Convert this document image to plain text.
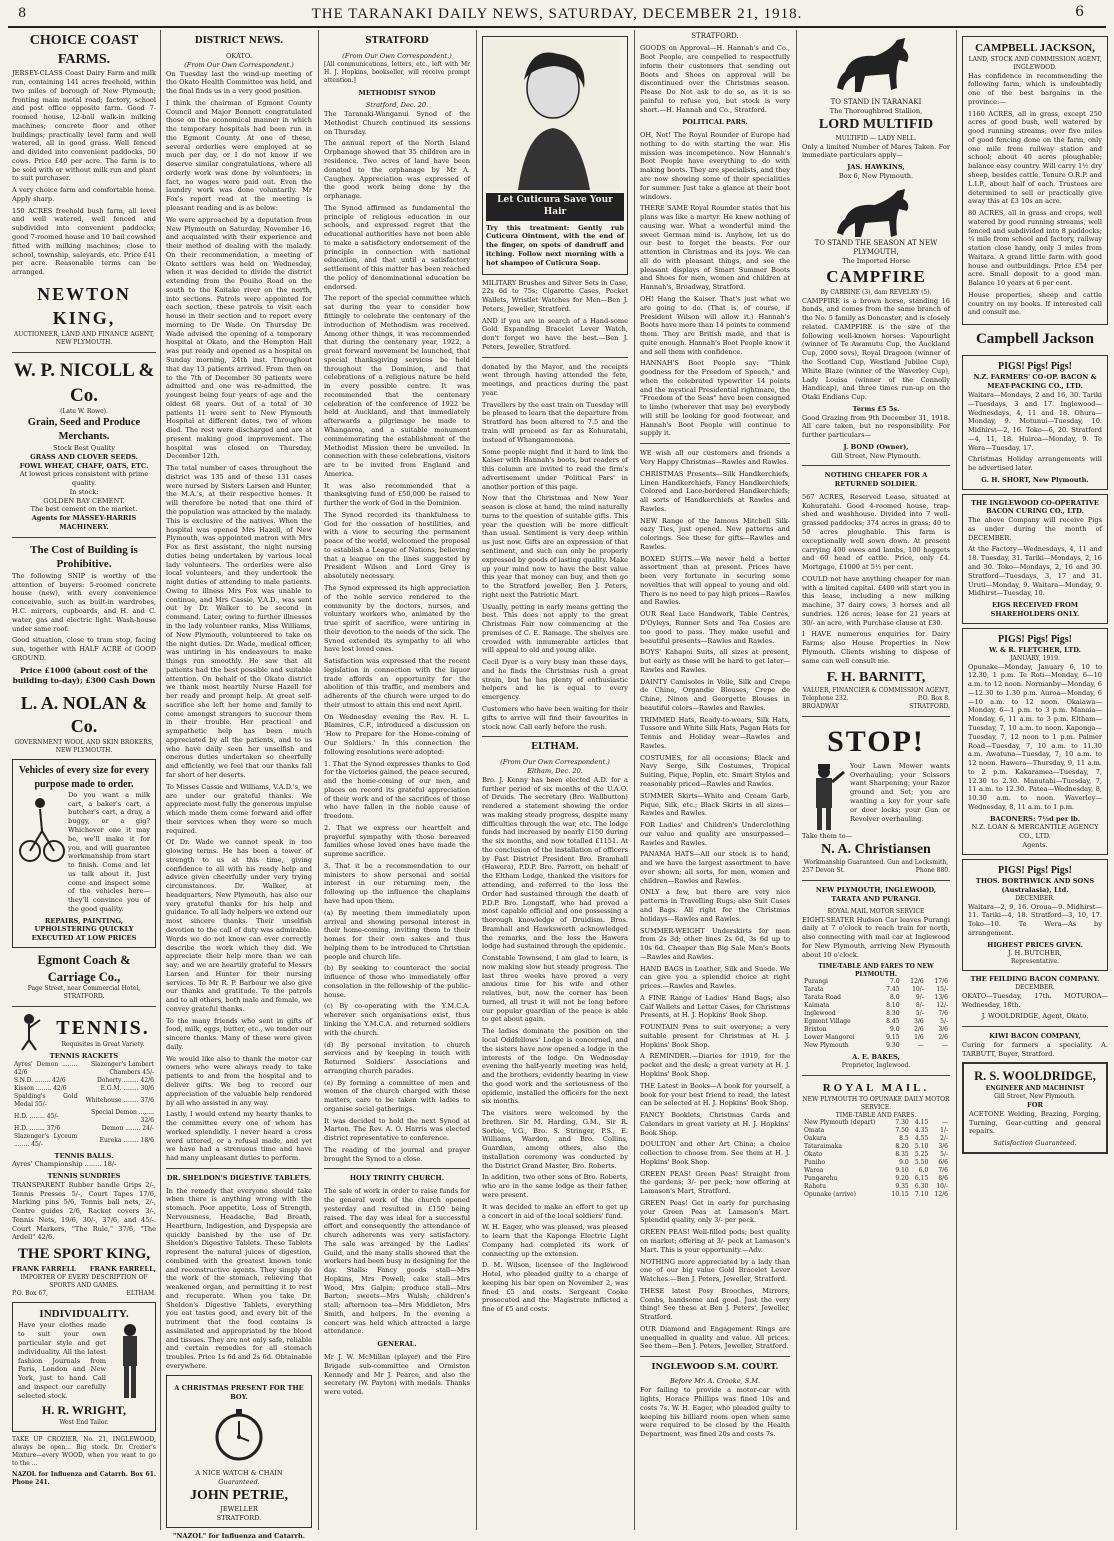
8	THE TARANAKI DAILY NEWS, SATURDAY, DECEMBER 21, 1918.	6
CHOICE COAST FARMS.

JERSEY-CLASS Coast Dairy Farm and milk run, containing 141 acres freehold, within two miles of borough of New Plymouth; fronting main metal road; factory, school and post office opposite farm. Good 7-roomed house, 12-bail walk-in milking machines; concrete floor and other buildings; practically level farm and well watered, all in good grass. Well fenced and divided into convenient paddocks, 50 cows. Price £40 per acre. The farm is to be sold with or without milk run and plant to suit purchaser.

A very choice farm and comfortable home. Apply sharp.

150 ACRES freehold bush farm, all level and well watered, well fenced and subdivided into convenient paddocks; good 7-roomed house and 10 bail cowshed fitted with milking machines; close to school, township, saleyards, etc. Price £41 per acre. Reasonable terms can be arranged.

NEWTON KING,
AUCTIONEER, LAND AND FINANCE AGENT,
NEW PLYMOUTH.
W. P. NICOLL & Co.
(Late W. Rowe).
Grain, Seed and Produce Merchants.
Stock Best Quality
GRASS AND CLOVER SEEDS.
FOWL WHEAT, CHAFF, OATS, ETC.
At lowest prices consistent with prime quality.
In stock:
GOLDEN BAY CEMENT.
The best cement on the market.
Agents for MASSEY-HARRIS MACHINERY.
The Cost of Building is Prohibitive.

The following SNIP is worthy of the attention of buyers: 5-roomed concrete house (new), with every convenience conceivable, such as built-in wardrobes, H.C. mirrors, cupboards, and H. and C. water, gas and electric light. Wash-house under same roof.

Good situation, close to tram stop, facing sun, together with HALF ACRE of GOOD GROUND.

Price £1000 (about cost of the building to-day); £300 Cash Down
L. A. NOLAN & Co.
GOVERNMENT WOOL AND SKIN BROKERS,
NEW PLYMOUTH.
Vehicles of every size for every
purpose made to order.

Do you want a milk cart, a baker's cart, a butcher's cart, a dray, a buggy, or a gig? Whichever one it may be, we'll make it for you, and will guarantee workmanship from start to finish. Come and let us talk about it. Just come and inspect some of the vehicles here—they'll convince you of the good quality.

REPAIRS, PAINTING, UPHOLSTERING QUICKLY EXECUTED AT LOW PRICES
Egmont Coach & Carriage Co.,
Page Street, near Commercial Hotel, STRATFORD.
TENNIS.
Requisites in Great Variety.
TENNIS RACKETS
Ayres' Demon ........ 42/6	Slazenger's Lambert Chambers 45/-
S.N.D. ........ 42/6	Doherty ........ 42/6
Kisson ........ 42/6	E.G.M. ........ 30/6
Spalding's Gold Medal 55/-	Whitehouse ........ 37/6
H.D. ........ 45/-	Special Demon ........ 32/6
H.D. ........ 37/6	Demon ........ 24/-
Slazenger's Lyceum ........ 45/-	Eureka ........ 18/6
TENNIS BALLS.
Ayres' Championship ........ 18/-
TENNIS SUNDRIES

TRANSPARENT Rubber handle Grips 2/-, Tennis Presses 5/-, Court Tapes 17/6, Marking pins 5/6, Tennis ball nets, 2/-, Centre guides 2/6, Racket covers 3/-, Tennis Nets, 19/6, 30/-, 37/6, and 45/-. Court Markers, "The Rule," 37/6, "The Ardell" 42/6.

THE SPORT KING,
FRANK FARRELL FRANK FARRELL,
IMPORTER OF EVERY DESCRIPTION OF SPORTS AND GAMES.
P.O. Box 67,	ELTHAM.
INDIVIDUALITY.

Have your clothes made to suit your own particular style and get individuality. All the latest fashion Journals from Paris, London and New York, just to hand. Call and inspect our carefully selected stock.

H. R. WRIGHT,
West End Tailor.

TAKE UP CROZIER, No. 21, INGLEWOOD, always be open... Big stock. Dr. Crozier's Mixture—every WOOD, when you want to go to the ...

NAZOL for Influenza and Catarrh. Box 61. Phone 241.

DISTRICT NEWS.
OKATO.
(From Our Own Correspondent.)

On Tuesday last the wind-up meeting of the Okato Health Committee was held, and the final finds us in a very good position.

I think the chairman of Egmont County Council and Major Bennett congratulated those on the economical manner in which the temporary hospitals had been run in the Egmont County. At one of these, several orderlies were employed at so much per day, or I do not know if we deserve similar congratulations, where all orderly work was done by volunteers; in fact, no wages were paid out. Even the laundry work was done voluntarily. Mr Fox's report read at the meeting is pleasant reading and is as below:

We were approached by a deputation from New Plymouth on Saturday, November 16, and acquainted with their experience and their method of dealing with the malady. On their recommendation, a meeting of Okato settlers was held on Wednesday, when it was decided to divide the district extending from the Pouiho Road on the south to the Kaitake river on the north, into sections. Patrols were appointed for each section, these patrols to visit each house in their section and to report every morning to Dr Wade. On Thursday Dr. Wade advised the opening of a temporary hospital at Okato, and the Hempton Hall was put ready and opened as a hospital on Sunday morning, 24th inst. Throughout that day 13 patients arrived. From then on to the 7th of December 30 patients were admitted and one was re-admitted, the youngest being four years of age and the oldest 68 years. Out of a total of 30 patients 11 were sent to New Plymouth Hospital at different dates, two of whom died. The rest were discharged and are at present making good improvement. The hospital was closed on Thursday, December 12th.

The total number of cases throughout the district was 135 and of these 131 cases were nursed by Sisters Larsen and Hunter, the M.A.'s, at their respective homes. It will therefore be noted that one third of the population was attacked by the malady. This is exclusive of the natives. When the hospital was opened Mrs Hazell, of New Plymouth, was appointed matron with Mrs Fox as first assistant, the night nursing duties being undertaken by various local lady volunteers. The orderlies were also local volunteers, and they undertook the night duties of attending to male patients. Owing to illness Mrs Fox was unable to continue, and Mrs Cassie, V.A.D., was sent out by Dr. Walker to be second in command. Later, owing to further illnesses in the lady volunteer ranks, Miss Williams, of New Plymouth, volunteered to take on the night duties. Dr. Wade, medical officer, was untiring in his endeavours to make things run smoothly. He saw that all patients had the best possible and suitable attention. On behalf of the Okato district we thank most heartily Nurse Hazell for her ready and prompt help. At great self-sacrifice she left her home and family to come amongst strangers to succour them in their trouble. Her practical and sympathetic help has been much appreciated by all the patients, and to us who have daily seen her unselfish and onerous duties undertaken so cheerfully and efficiently, we feel that our thanks fall far short of her deserts.

To Misses Cassie and Williams, V.A.D.'s, we are under our grateful thanks. We appreciate most fully the generous impulse which made them come forward and offer their services when they were so much required.

Of Dr. Wade we cannot speak in too glowing terms. He has been a tower of strength to us at this time, giving confidence to all with his ready help and advice given cheerfully under very trying circumstances. Dr. Walker, at headquarters, New Plymouth, has also our very grateful thanks for his help and guidance. To all lady helpers we extend our most sincere thanks. Their unselfish devotion to the call of duty was admirable. Words we do not know can ever correctly describe the work which they did. We appreciate their help more than we can say; and we are heartily grateful to Messrs Larsen and Hunter for their nursing services. To Mr R. P. Barbour we also give our thanks and gratitude. To the patrols and to all others, both male and female, we convey grateful thanks.

To the many friends who sent in gifts of food, milk, eggs, butter, etc., we tender our sincere thanks. Many of these were given daily.

We would like also to thank the motor car owners who were always ready to take patients to and from the hospital and to deliver gifts. We beg to record our appreciation of the valuable help rendered by all who assisted in any way.

Lastly, I would extend my hearty thanks to the committee every one of whom has worked splendidly. I never heard a cross word uttered, or a refusal made, and yet we have had a strenuous time and have had many unpleasant duties to perform.

DR. SHELDON'S DIGESTIVE TABLETS.

In the remedy that everyone should take when there is anything wrong with the stomach. Poor appetite, Loss of Strength, Nervousness, Headache, Bad Breath, Heartburn, Indigestion, and Dyspepsia are quickly banished by the use of Dr. Sheldon's Digestive Tablets. These Tablets represent the natural juices of digestion, combined with the greatest known tonic and reconstructive agents. They simply do the work of the stomach, relieving that weakened organ, and permitting it to rest and recuperate. When you take Dr. Sheldon's Digestive Tablets, everything you eat tastes good, and every bit of the nutriment that the food contains is assimilated and appropriated by the blood and tissues. They are not only safe, reliable and certain remedies for all stomach troubles. Price 1s 6d and 2s 6d. Obtainable everywhere.

A CHRISTMAS PRESENT FOR THE BOY.
A NICE WATCH & CHAIN
Guaranteed.
JOHN PETRIE,
JEWELLER
STRATFORD.
"NAZOL" for Influenza and Catarrh.
STRATFORD
(From Our Own Correspondent.)

[All communications, letters, etc., left with Mr H. J. Hopkins, bookseller, will receive prompt attention.]

METHODIST SYNOD
Stratford, Dec. 20.

The Taranaki-Wanganui Synod of the Methodist Church continued its sessions on Thursday.

The annual report of the North Island Orphanage showed that 35 children are in residence. Two acres of land have been donated to the orphanage by Mr A. Caughey. Appreciation was expressed of the good work being done by the orphanage.

The Synod affirmed as fundamental the principle of religious education in our schools, and expressed regret that the educational authorities have not been able to make a satisfactory endorsement of the principle in connection with national education, and that until a satisfactory settlement of this matter has been reached the policy of denominational education be endorsed.

The report of the special committee which sat during the year to consider how fittingly to celebrate the centenary of the introduction of Methodism was received. Among other things, it was recommended that during the centenary year, 1922, a great forward movement be launched, that special thanksgiving services be held throughout the Dominion, and that celebrations of a religious nature be held in every possible centre. It was recommended that the centenary celebration of the conference of 1922 be held at Auckland, and that immediately afterwards a pilgrimage be made to Whangaroa, and a suitable monument commemorating the establishment of the Methodist Mission there be unveiled. In connection with these celebrations, visitors are to be invited from England and America.

It was also recommended that a thanksgiving fund of £50,000 be raised to further the work of God in the Dominion.

The Synod recorded its thankfulness to God for the cessation of hostilities, and with a view to securing the permanent peace of the world, welcomed the proposal to establish a League of Nations, believing that a league on the lines suggested by President Wilson and Lord Grey is absolutely necessary.

The Synod expressed its high appreciation of the noble service rendered to the community by the doctors, nurses, and voluntary workers who, animated by the true spirit of sacrifice, were untiring in their devotion to the needs of the sick. The Synod extended its sympathy to all who have lost loved ones.

Satisfaction was expressed that the recent legislation in connection with the liquor trade affords an opportunity for the abolition of this traffic, and members and adherents of the church were urged to do their utmost to attain this end next April.

On Wednesday evening the Rev. H. L. Blamires, C.F., introduced a discussion on 'How to Prepare for the Home-coming of Our Soldiers.' In this connection the following resolutions were adopted:

1. That the Synod expresses thanks to God for the victories gained, the peace secured, and the home-coming of our men, and places on record its grateful appreciation of their work and of the sacrifices of those who have fallen in the noble cause of freedom.

2. That we express our heartfelt and prayerful sympathy with those bereaved families whose loved ones have made the supreme sacrifice.

3. That it be a recommendation to our ministers to show personal and social interest in our returning men, the following up the influence the chaplains have had upon them.

(a) By meeting them immediately upon arrival and showing personal interest in their home-coming, inviting them to their homes for their own sakes and thus helping them to be introduced to Christian people and church life.

(b) By seeking to counteract the social influence of those who immediately offer consolation in the fellowship of the public-house.

(c) By co-operating with the Y.M.C.A. wherever such organisations exist, thus linking the Y.M.C.A. and returned soldiers with the church.

(d) By personal invitation to church services and by keeping in touch with Returned Soldiers' Associations and arranging church parades.

(e) By forming a committee of men and women of the church charged with these matters, care to be taken with ladies to organise social gatherings.

It was decided to hold the next Synod at Marton. The Rev. A. O. Harris was elected district representative to conference.

The reading of the journal and prayer brought the Synod to a close.

HOLY TRINITY CHURCH.

The sale of work in order to raise funds for the general work of the church opened yesterday and resulted in £150 being raised. The day was ideal for a successful effort and consequently the attendance of church adherents was very satisfactory. The sale was arranged by the Ladies' Guild, and the many stalls showed that the workers had been busy in designing for the day. Stalls: Fancy goods stall—Mrs Hopkins, Mrs Powell; cake stall—Mrs Wood, Mrs Galpin; produce stall—Mrs Barton; sweets—Mrs Walsh; children's stall; afternoon tea—Mrs Middleton, Mrs Smith, and helpers. In the evening a concert was held which attracted a large attendance.

GENERAL.

Mr J. W. McMillan (player) and the Fire Brigade sub-committee and Ormiston Kennedy and Mr J. Pearce, and also the secretary (W. Payton) with medals. Thanks were voted.

Let Cuticura Save Your Hair

Try this treatment: Gently rub Cuticura Ointment, with the end of the finger, on spots of dandruff and itching. Follow next morning with a hot shampoo of Cuticura Soap.

MILITARY Brushes and Silver Sets in Case, 22s 6d to 75s; Cigarette Cases, Pocket Wallets, Wristlet Watches for Men—Ben J. Peters, Jeweller, Stratford.

AND if you are in search of a Hand-some Gold Expanding Bracelet Lever Watch, don't forget we have the best.—Ben J. Peters, Jeweller, Stratford.

donated by the Mayor, and the receipts went through having attended the fete, meetings, and practices during the past year.

Travellers by the east train on Tuesday will be pleased to learn that the departure from Stratford has been altered to 7.5 and the train will proceed as far as Kohuratahi, instead of Whangamomona.

Some people might find it hard to link the Kaiser with Hannah's boots, but readers of this column are invited to read the firm's advertisement under 'Political Pars' in another portion of this page.

Now that the Christmas and New Year season is close at hand, the mind naturally turns to the question of suitable gifts. This year the question will be more difficult than usual. Sentiment is very deep within us just now. Gifts are an expression of that sentiment, and such can only be properly expressed by goods of lasting quality. Make up your mind now to have the best value this year that money can buy, and then go to the Stratford jeweller, Ben J. Peters, right next the Patriotic Mart.

Usually, petting in early means getting the best. This does not apply to the great Christmas Fair now commencing at the premises of C. E. Ramage. The shelves are crowded with innumerable articles that will appeal to old and young alike.

Cecil Dyer is a very busy man these days, and he finds the Christmas rush a great strain, but he has plenty of enthusiastic helpers and he is equal to every emergency.

Customers who have been waiting for their gifts to arrive will find their favourites in stock now. Call early before the rush.

ELTHAM.
(From Our Own Correspondent.)
Eltham, Dec. 20.

Bro. J. Kenny has been elected A.D. for a further period of six months of the U.A.O. of Druids. The secretary (Bro. Wallbutton) rendered a statement showing the order was making steady progress, despite many difficulties through the war, etc. The lodge funds had increased by nearly £150 during the six months, and now totalled £1151. At the conclusion of the installation of officers by Past District President Bro. Bramhall (Hawera), P.D.P. Bro. Parrott, on behalf of the Eltham Lodge, thanked the visitors for attending, and referred to the loss the Order had sustained through the death of P.D.P. Bro. Longstaff, who had proved a most capable official and one possessing a thorough knowledge of Druidism. Bros. Bramhall and Hawksworth acknowledged the remarks, and the loss the Hawera lodge had sustained through the epidemic.

Constable Townsend, I am glad to learn, is now making slow but steady progress. The last three weeks have proved a very anxious time for his wife and other relatives, but, now the corner has been turned, all trust it will not be long before our popular guardian of the peace is able to get about again.

The ladies dominate the position on the local Oddfellows' Lodge is concerned, and the sisters have now opened a lodge in the interests of the lodge. On Wednesday evening the half-yearly meeting was held, and the brothers, evidently bearing in view the good work and the seriousness of the epidemic, installed the officers for the next six months.

The visitors were welcomed by the brethren. Sir M. Harding, G.M., Sir R. Sorbie, V.G., Bro. S. Stringer, P.S., E. Williams, Warden, and Bro. Collins, Guardian, among others, also the installation ceremony was conducted by the District Grand Master, Bro. Roberts.

In addition, two other sons of Bro. Roberts, who are in the same lodge as their father, were present.

It was decided to make an effort to get up a concert in aid of the local soldiers' fund.

W. H. Eager, who was pleased, was pleased to learn that the Kaponga Electric Light Company had completed its work of connecting up the extension.

D. M. Wilson, licensee of the Inglewood Hotel, who pleaded guilty to a charge of keeping his bar open on November 2, was fined £5 and costs. Sergeant Cooke prosecuted and the Magistrate inflicted a fine of £5 and costs.

STRATFORD.

GOODS on Approval—H. Hannah's and Co., Boot People, are compelled to respectfully inform their customers that sending out Boots and Shoes on approval will be discontinued over the Christmas season. Please Do Not ask to do so, as it is so painful to refuse you, but stock is very short.—H. Hannah and Co., Stratford.

POLITICAL PARS.

OH, Not! The Royal Rounder of Europe had nothing to do with starting the war. His mission was incompetence. Now Hannah's Boot People have everything to do with making boots. They are specialists, and they are now showing some of their specialities for summer. Just take a glance at their boot windows.

THERE SAME Royal Rounder states that his plans was like a martyr. He knew nothing of causing war. What a wonderful mind the sweet German mind is. Anyhow, let us do our best to forget the beasts. For our attention in Christmas and its joys. We can all do with pleasant things, and see the pleasant displays of Smart Summer Boots and Shoes for men, women and children at Hannah's, Broadway, Stratford.

OH! Hang the Kaiser. That's just what we are going to do. (That is, of course, if President Wilson will allow it.) Hannah's Boots have more than 14 points to commend them. They are British made, and that is quite enough. Hannah's Boot People know it and sell them with confidence.

HANNAH'S Boot People say: "Think goodness for the Freedom of Speech," and when the celebrated typewriter 14 points and the mystical Presidential rightmare, the "Freedom of the Seas" have been consigned to limbo (wherever that may be) everybody will still be looking for good footwear, and Hannah's Boot People will continue to supply it.

WE wish all our customers and friends a Very Happy Christmas—Rawles and Rawles.

CHRISTMAS Presents—Silk Handkerchiefs, Linen Handkerchiefs, Fancy Handkerchiefs, Colored and Lace-bordered Handkerchiefs; all sorts of Handkerchiefs at Rawles and Rawles.

NEW Range of the famous Mitchell Silk-eazy Ties, just opened. New patterns and colorings. See these for gifts—Rawles and Rawles.

BOXED SUITS.—We never held a better assortment than at present. Prices have been very fortunate in securing some novelties that will appeal to young and old. There is no need to pay high prices—Rawles and Rawles.

OUR Real Lace Handwork, Table Centres, D'Oyleys, Runner Sets and Tea Cosies are too good to pass. They make useful and beautiful presents—Rawles and Rawles.

BOYS' Kahapoi Suits, all sizes at present, but early as these will be hard to get later—Rawles and Rawles.

DAINTY Camisoles in Voile, Silk and Crepe de Chine, Organdie Blouses, Crepe de Chine, Ninon and Georgette Blouses in beautiful colors—Rawles and Rawles.

TRIMMED Hats, Ready-to-wears, Silk Hats, Tussore and White Silk Hats, Pagan Hats for Tennis and Holiday wear—Rawles and Rawles.

COSTUMES, for all occasions; Black and Navy Serge, Silk Costumes, Tropical Suiting, Pique, Poplin, etc. Smart Styles and reasonably priced—Rawles and Rawles.

SUMMER Skirts—White and Cream Garb, Pique, Silk, etc.; Black Skirts in all sizes—Rawles and Rawles.

FOR Ladies' and Children's Underclothing our value and quality are unsurpassed—Rawles and Rawles.

PANAMA HATS—All our stock is to hand, and we have the largest assortment to have ever shown; all sorts, for men, women and children—Rawles and Rawles.

ONLY a few, but there are very nice patterns in Travelling Rugs; also Suit Cases and Bags. All right for the Christmas holidays—Rawles and Rawles.

SUMMER-WEIGHT Underskirts for men from 2s 3d; other lines 2s 6d, 3s 6d up to 10s 6d. Cheaper than Big Sale Men's Boots—Rawles and Rawles.

HAND BAGS in Leather, Silk and Suede. We can give you a splendid choice at right prices.—Rawles and Rawles.

A FINE Range of Ladies' Hand Bags; also Calf Wallets and Letter Cases, for Christmas Presents, at H. J. Hopkins' Book Shop.

FOUNTAIN Pens to suit everyone; a very suitable present for Christmas at H. J. Hopkins' Book Shop.

A REMINDER.—Diaries for 1919, for the pocket and the desk; a great variety at H. J. Hopkins' Book Shop.

THE Latest in Books—A book for yourself, a book for your best friend to read, the latest can be selected at H. J. Hopkins' Book Shop.

FANCY Booklets, Christmas Cards and Calendars in great variety at H. J. Hopkins' Book Shop.

DOULTON and other Art China; a choice collection to choose from. See them at H. J. Hopkins' Book Shop.

GREEN PEAS! Green Peas! Straight from the gardens; 3/- per peck; now offering at Lamason's Mart, Stratford.

GREEN Peas! Get in early for purchasing your Green Peas at Lamason's Mart. Splendid quality, only 3/- per peck.

GREEN PEAS! Well-filled pods; best quality on market; offering at 3/- peck at Lamason's Mart. This is your opportunity.—Adv.

NOTHING more appreciated by a lady than one of our big value Gold Bracelet Lever Watches.—Ben J. Peters, Jeweller, Stratford.

THESE latest Posy Brooches, Mirrors, Combs, handsome and good. Just the very thing! See these at Ben J. Peters', Jeweller, Stratford.

OUR Diamond and Engagement Rings are unequalled in quality and value. All prices. See them—Ben J. Peters, Jeweller, Stratford.

INGLEWOOD S.M. COURT.
Before Mr. A. Crooke, S.M.

For failing to provide a motor-car with lights, Horace Phillips was fined 10s and costs 7s. W. H. Eager, who pleaded guilty to keeping his billiard room open when same were required to be closed by the Health Department, was fined 20s and costs 7s.

TO STAND IN TARANAKI
The Thoroughbred Stallion,
LORD MULTIFID
MULTIFID — LADY NELL.

Only a limited Number of Mares Taken. For immediate particulars apply—

JAS. HAWKINS,
Box 6, New Plymouth.
TO STAND THE SEASON AT NEW PLYMOUTH,
The Imported Horse
CAMPFIRE
By CARBINE (3), dam REVELRY (5).

CAMPFIRE is a brown horse, standing 16 hands, and comes from the same branch of the No. 5 family as Doncaster, and is closely related. CAMPFIRE is the sire of the following well-known horses: Vapourlight (winner of Te Awamutu Cup, the Auckland Cup, 2000 sovs), Royal Dragoon (winner of the Scotland Cup, Westland Jubilee Cup), White Blaze (winner of the Waverley Cup), Lady Louisa (winner of the Connolly Handicap), and three times run-up on the Otaki Endians Cup.

Terms £5 5s.

Good Grazing from 9th December 31, 1918. All care taken, but no responsibility. For further particulars—

J. BOND (Owner),
Gill Street, New Plymouth.
NOTHING CHEAPER FOR A RETURNED SOLDIER.

567 ACRES, Reserved Lease, situated at Kohuratahi. Good 4-roomed house, trap-shed and washhouse. Divided into 7 well-grassed paddocks; 374 acres in grass; 40 to 50 acres ploughable. This farm is exceptionally well sown down. At present carrying 400 ewes and lambs, 100 hoggets and 60 head of cattle. Price, only £4. Mortgage, £1000 at 5½ per cent.

COULD not have anything cheaper for man with a limited capital. £400 will start you in this lease, including a new milking machine, 37 dairy cows, 3 horses and all sundries. 126 acres; lease for 21 years at 30/- an acre, with Purchase clause at £30.

I HAVE numerous enquiries for Dairy Farms; also House Properties in New Plymouth. Clients wishing to dispose of same can well consult me.

F. H. BARNITT,
VALUER, FINANCIER & COMMISSION AGENT,
Telephone 232.	P.O. Box 8.
BROADWAY	STRATFORD.
STOP!

Your Lawn Mower wants Overhauling; your Scissors want Sharpening; your Razor ground and Set; you are wanting a key for your safe or door locks; your Gun or Revolver overhauling.

Take them to—
N. A. Christiansen
Workmanship Guaranteed. Gun and Locksmith,
257 Devon St.	Phone 880.
NEW PLYMOUTH, INGLEWOOD, TARATA AND PURANGI.
ROYAL MAIL MOTOR SERVICE

EIGHT-SEATER Hudson Car leaves Purangi daily at 7 o'clock to reach train for north, also connecting with mail car at Inglewood for New Plymouth, arriving New Plymouth about 10 o'clock.

TIME-TABLE AND FARES TO NEW PLYMOUTH.
Purangi	7.0	12/6	17/6
Tarata	7.45	10/-	15/-
Tarata Road	8.0	9/-	13/6
Kaimata	8.10	8/-	12/-
Inglewood	8.30	5/-	7/6
Egmont Village	8.45	3/6	5/-
Brixton	9.0	2/6	3/6
Lower Mangorei	9.15	1/6	2/6
New Plymouth	9.30	—	—
A. E. BAKES,
Proprietor, Inglewood.
ROYAL MAIL.
NEW PLYMOUTH TO OPUNAKE DAILY MOTOR SERVICE.
TIME-TABLE AND FARES.
New Plymouth (depart)	7.30	4.15	—
Omata	7.50	4.35	1/-
Oakura	8.5	4.55	2/-
Tataraimaka	8.20	5.10	3/6
Okato	8.35	5.25	5/-
Puniho	9.0	5.50	6/6
Warea	9.10	6.0	7/6
Pungarehu	9.20	6.15	8/6
Rahotu	9.35	6.30	10/-
Opunake (arrive)	10.15	7.10	12/6
CAMPBELL JACKSON,
LAND, STOCK AND COMMISSION AGENT, INGLEWOOD.

Has confidence in recommending the following farm, which is undoubtedly one of the best bargains in the province:—

1160 ACRES, all in grass, except 250 acres of good bush, well watered by good running streams; over five miles of good fencing done on the farm, only one mile from railway station and school; about 40 acres ploughable; balance easy country. Will carry 1½ dry sheep, besides cattle. Tenure O.R.P. and L.I.P., about half of each. Trustees are determined to sell or practically give away this at £3 10s an acre.

80 ACRES, all in grass and crops, well watered by good running streams, well fenced and subdivided into 8 paddocks; ¼ mile from school and factory, railway station close handy, only 3 miles from Waitara. A grand little farm with good house and outbuildings. Price £54 per acre. Small deposit to a good man. Balance 10 years at 6 per cent.

House properties, sheep and cattle country on my books. If interested call and consult me.

Campbell Jackson
PIGS! Pigs! Pigs!
N.Z. FARMERS' CO-OP. BACON & MEAT-PACKING CO., LTD.

Waitara—Mondays, 2 and 16, 30. Tariki—Tuesdays, 3 and 17. Inglewood—Wednesdays, 4, 11 and 18. Ohura—Monday, 9. Motunui—Tuesday, 10. Midhirst—2, 16. Toko—6, 20. Stratford—4, 11, 18. Huiroa—Monday, 9. Te Wera—Tuesday, 17.

Christmas Holiday arrangements will be advertised later.

G. H. SHORT, New Plymouth.
THE INGLEWOOD CO-OPERATIVE BACON CURING CO., LTD.

The above Company will receive Pigs as under during the month of DECEMBER.

At the Factory—Wednesdays, 4, 11 and 18. Tuesday, 31. Tariki—Mondays, 2, 16 and 30. Toko—Mondays, 2, 16 and 30. Stratford—Tuesdays, 3, 17 and 31. Uruti—Monday, 9. Waitara—Monday, 9. Midhirst—Tuesday, 10.

EIGS RECEIVED FROM SHAREHOLDERS ONLY.
PIGS! Pigs! Pigs!
W. & R. FLETCHER, LTD.
JANUARY, 1919.

Opunake—Monday, January 6, 10 to 12.30, 1 p.m. Te Roti—Monday, 6—10 a.m. to 12 noon. Normanby—Monday, 6—12.30 to 1.30 p.m. Auroa—Monday, 6—10 a.m. to 12 noon. Okaiawa—Monday, 6—1 p.m. to 3 p.m. Manaia—Monday, 6, 11 a.m. to 3 p.m. Eltham—Tuesday, 7, 10 a.m. to noon. Kaponga—Tuesday, 7, 12 noon to 1 p.m. Palmer Road—Tuesday, 7, 10 a.m. to 11.30 a.m. Awatuna—Tuesday, 7, 10 a.m. to 12 noon. Hawera—Thursday, 9, 11 a.m. to 2 p.m. Kakaramea—Tuesday, 7, 12.30 to 2.30. Manutahi—Tuesday, 7, 11 a.m. to 12.30. Patea—Wednesday, 8, 10.30 a.m. to noon. Waverley—Wednesday, 8, 11 a.m. to 1 p.m.

BACONERS: 7½d per lb.
N.Z. LOAN & MERCANTILE AGENCY CO., LTD.
Agents.
PIGS! Pigs! Pigs!
THOS. BORTHWICK AND SONS (Australasia), Ltd.
DECEMBER.

Waitara—2, 9, 16. Oroua—9. Midhirst—11. Tariki—4, 18. Stratford—3, 10, 17. Toko—10. Te Wera—As by arrangement.

HIGHEST PRICES GIVEN.
J. H. BUTCHER,
Representative.
THE FEILDING BACON COMPANY.
DECEMBER.

OKATO—Tuesday, 17th. MOTUROA—Wednesday, 18th.

J. WOOLDRIDGE, Agent, Okato.
KIWI BACON COMPANY,

Curing for farmers a speciality. A. TARBUTT, Buyer, Stratford.

R. S. WOOLDRIDGE,
ENGINEER AND MACHINIST
Gill Street, New Plymouth.
FOR

ACETONE Welding, Brazing, Forging, Turning, Gear-cutting and general repairs.

Satisfaction Guaranteed.
